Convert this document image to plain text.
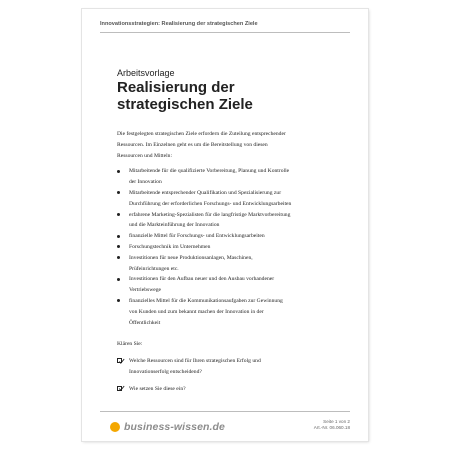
Innovationsstrategien: Realisierung der strategischen Ziele
Arbeitsvorlage
Realisierung der
strategischen Ziele
Die festgelegten strategischen Ziele erfordern die Zuteilung entsprechender
Ressourcen. Im Einzelnen geht es um die Bereitstellung von diesen
Ressourcen und Mitteln:
Mitarbeitende für die qualifizierte Vorbereitung, Planung und Kontrolle
der Innovation
Mitarbeitende entsprechender Qualifikation und Spezialisierung zur
Durchführung der erforderlichen Forschungs- und Entwicklungsarbeiten
erfahrene Marketing-Spezialisten für die langfristige Marktvorbereitung
und die Markteinführung der Innovation
finanzielle Mittel für Forschungs- und Entwicklungsarbeiten
Forschungstechnik im Unternehmen
Investitionen für neue Produktionsanlagen, Maschinen,
Prüfeinrichtungen etc.
Investitionen für den Aufbau neuer und den Ausbau vorhandener
Vertriebswege
finanzielles Mittel für die Kommunikationsaufgaben zur Gewinnung
von Kunden und zum bekannt machen der Innovation in der
Öffentlichkeit
Klären Sie:
Welche Ressourcen sind für Ihren strategischen Erfolg und
Innovationserfolg entscheidend?
Wie setzen Sie diese ein?
business-wissen.de	Seite 1 von 2
Art.-Nr. 06.060.18
